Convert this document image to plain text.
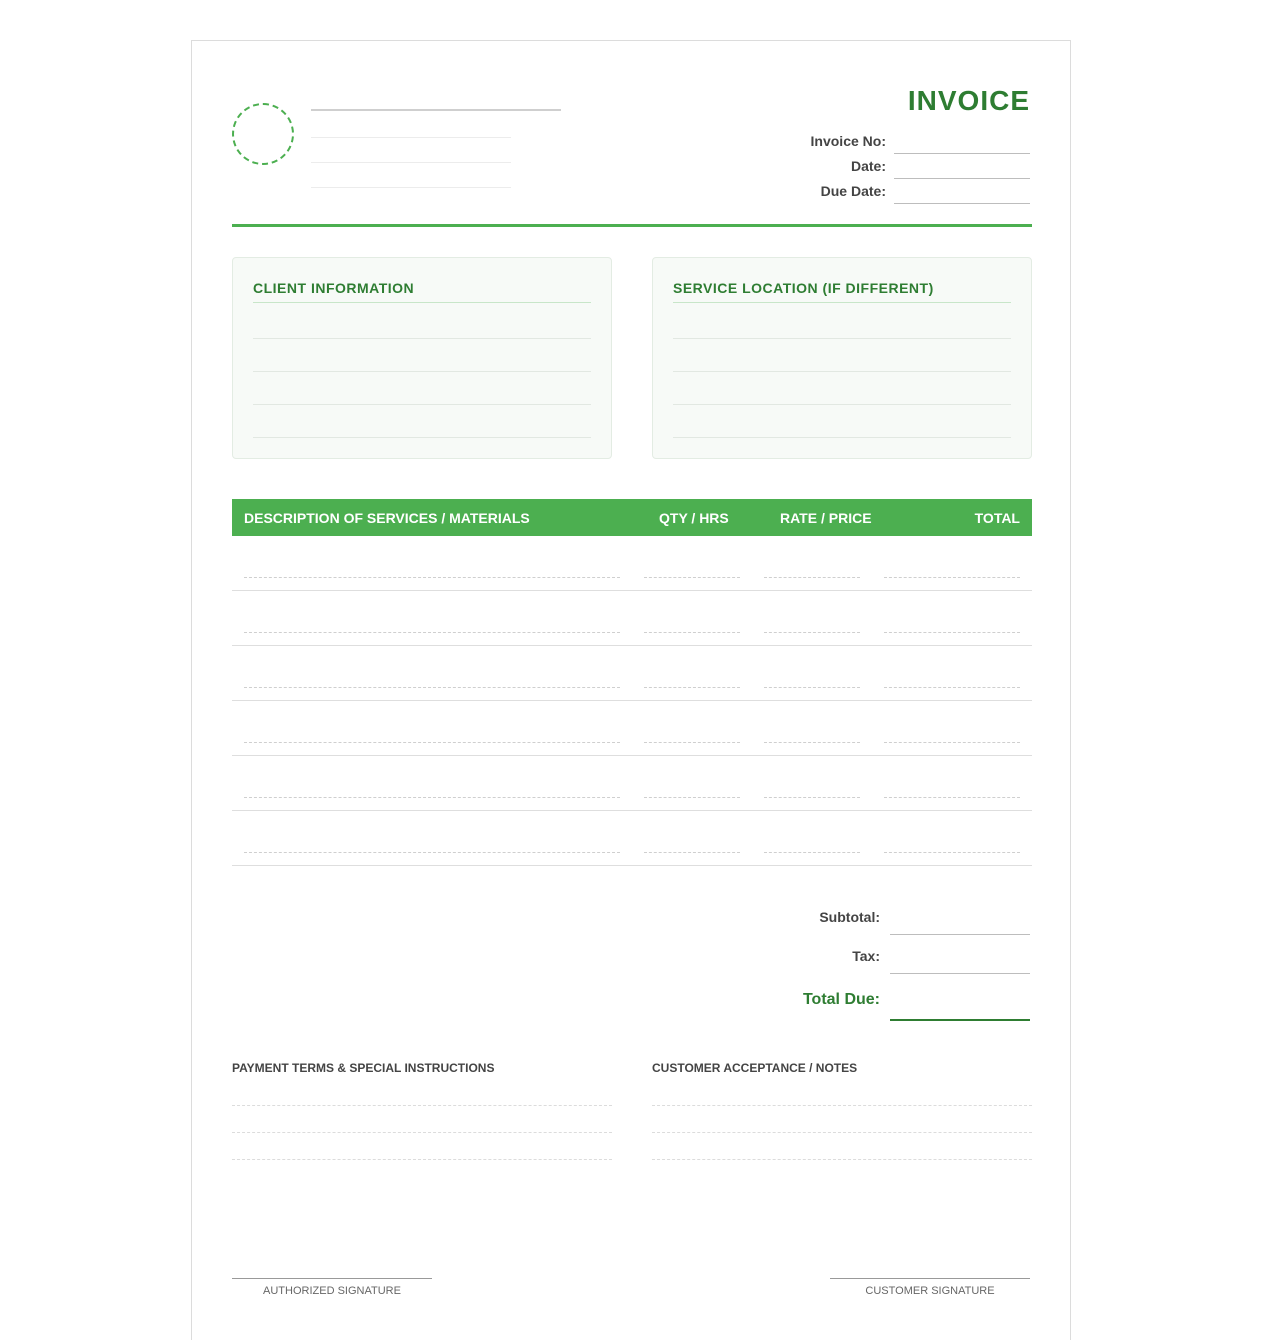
INVOICE
Invoice No:
Date:
Due Date:
CLIENT INFORMATION	SERVICE LOCATION (IF DIFFERENT)
DESCRIPTION OF SERVICES / MATERIALS	QTY / HRS	RATE / PRICE	TOTAL
Subtotal:
Tax:
Total Due:
PAYMENT TERMS & SPECIAL INSTRUCTIONS	CUSTOMER ACCEPTANCE / NOTES
AUTHORIZED SIGNATURE	CUSTOMER SIGNATURE
